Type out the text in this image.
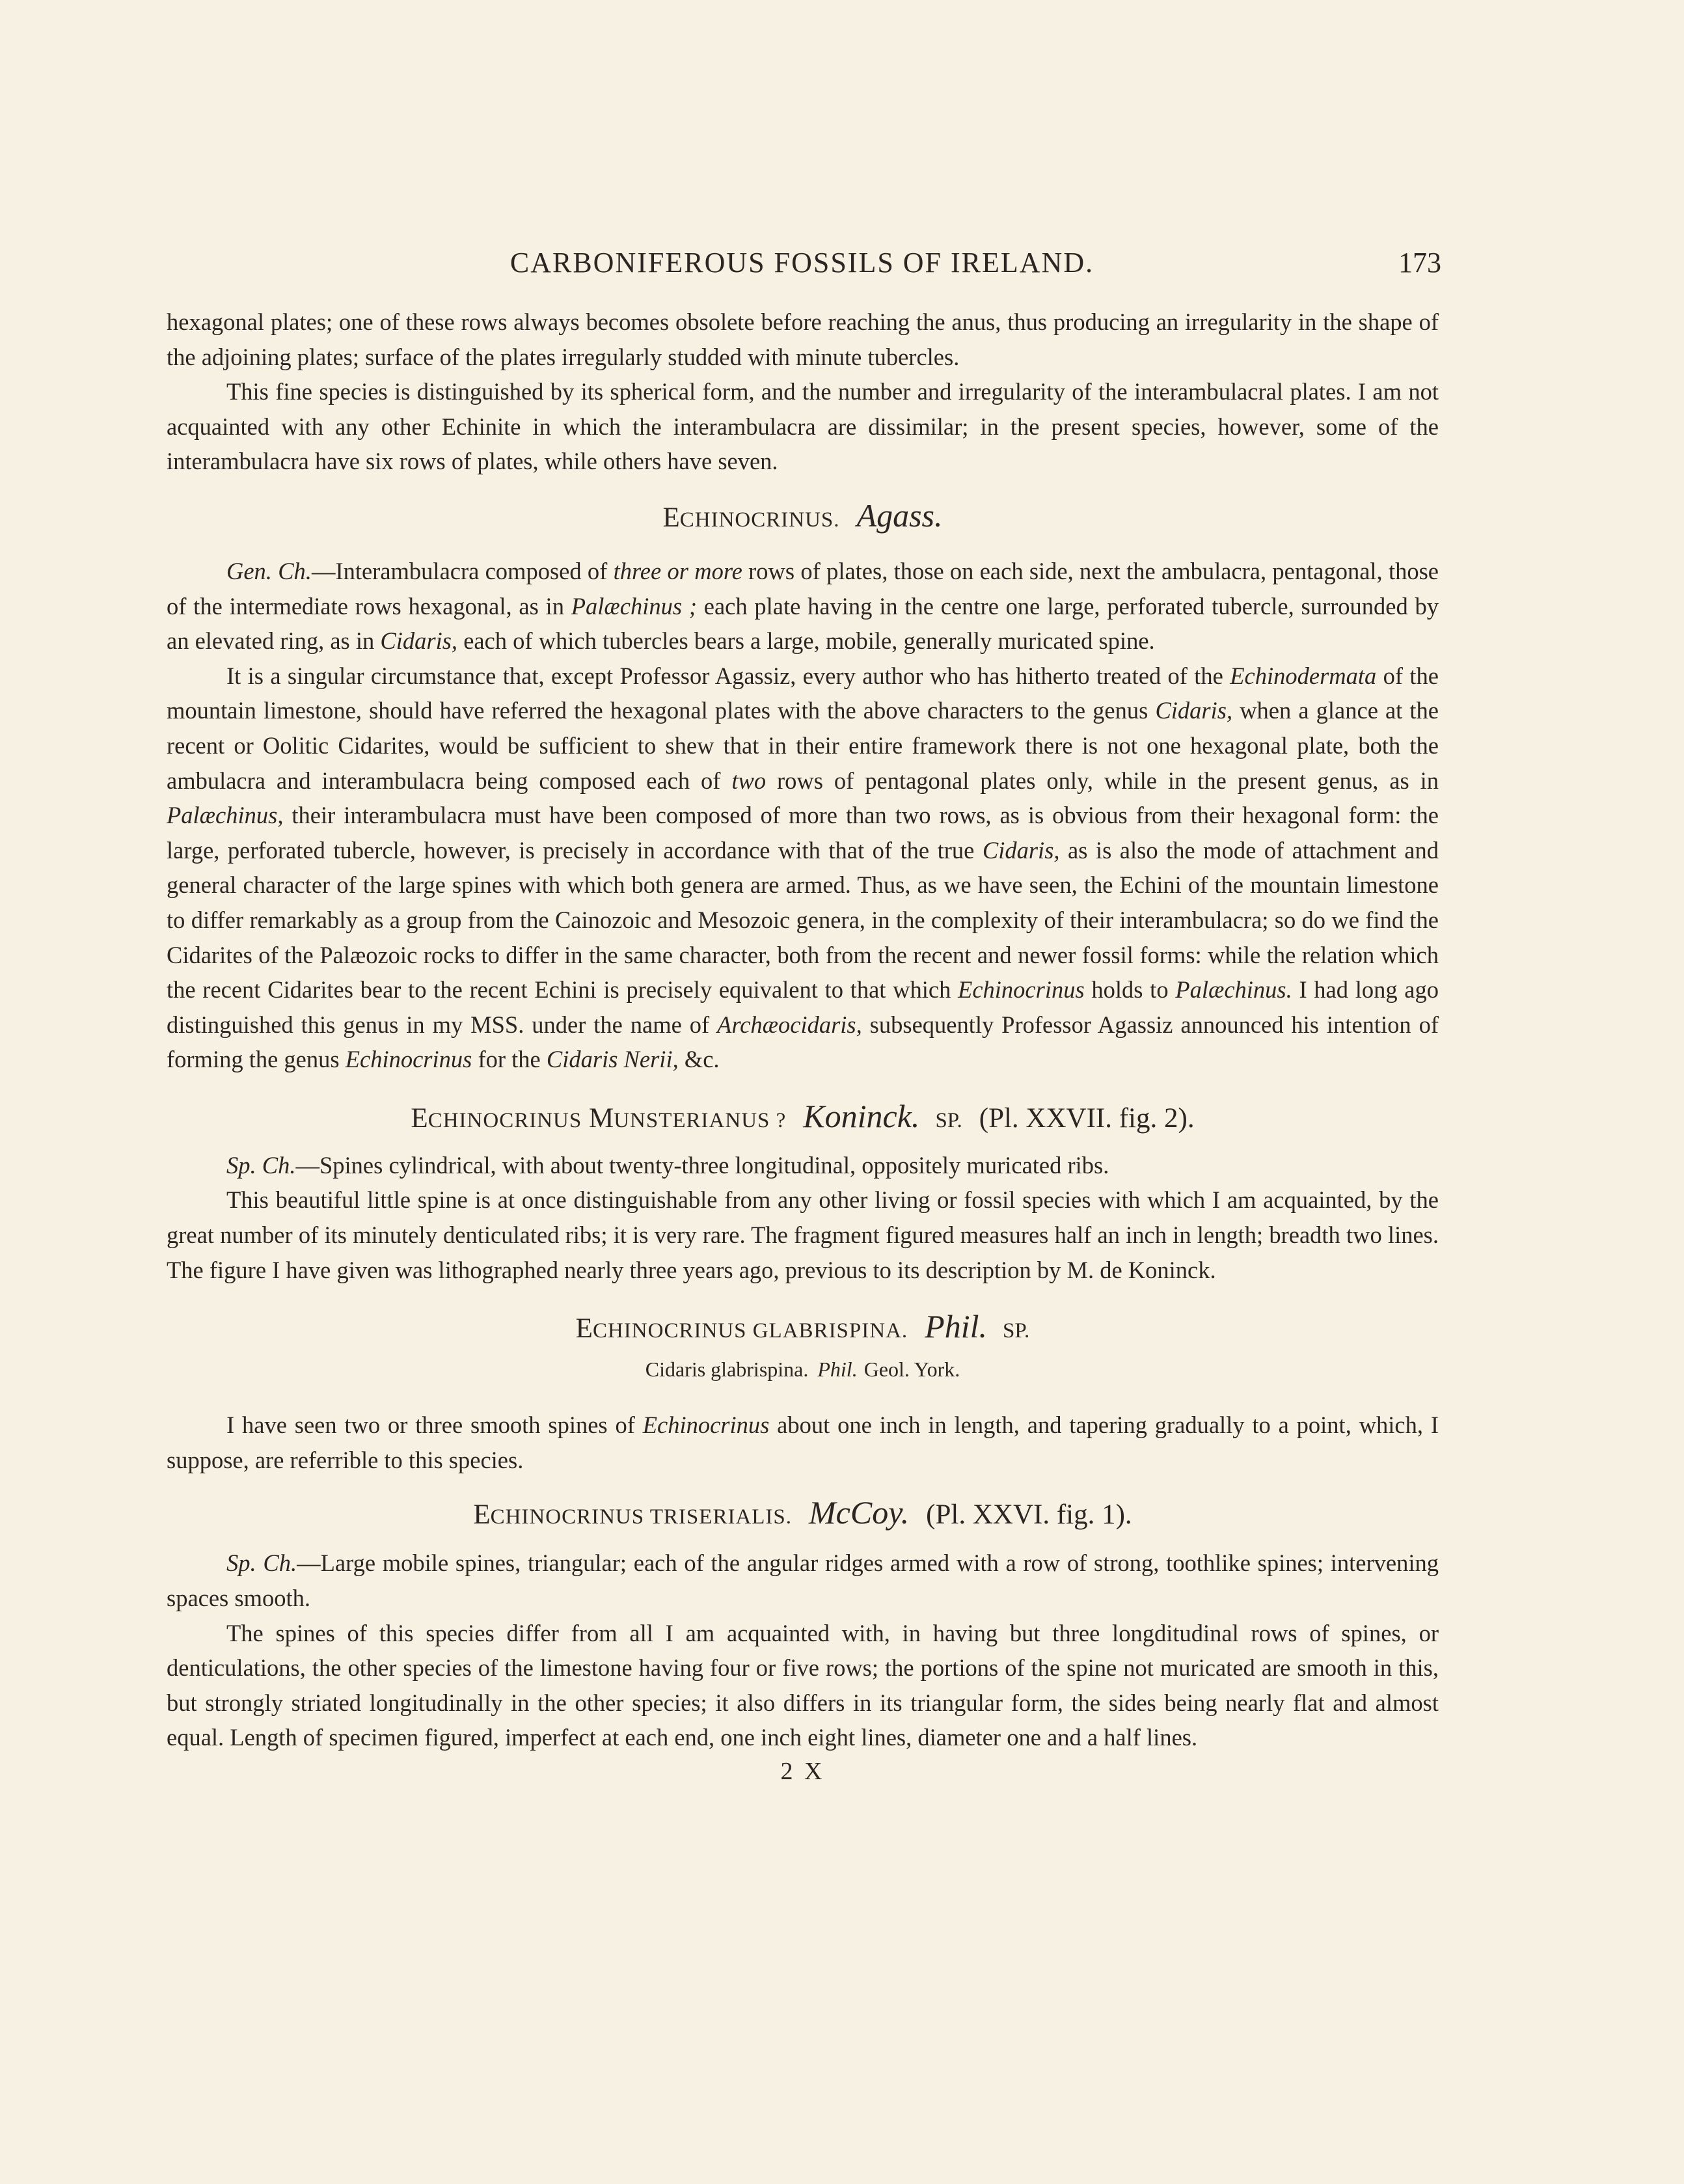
CARBONIFEROUS FOSSILS OF IRELAND.	173

hexagonal plates; one of these rows always becomes obsolete before reaching the anus, thus producing an irregularity in the shape of the adjoining plates; surface of the plates irregularly studded with minute tubercles.

This fine species is distinguished by its spherical form, and the number and irregularity of the interambulacral plates. I am not acquainted with any other Echinite in which the interambulacra are dissimilar; in the present species, however, some of the interambulacra have six rows of plates, while others have seven.

ECHINOCRINUS. Agass.

Gen. Ch.—Interambulacra composed of three or more rows of plates, those on each side, next the ambulacra, pentagonal, those of the intermediate rows hexagonal, as in Palæchinus ; each plate having in the centre one large, perforated tubercle, surrounded by an elevated ring, as in Cidaris, each of which tubercles bears a large, mobile, generally muricated spine.

It is a singular circumstance that, except Professor Agassiz, every author who has hitherto treated of the Echinodermata of the mountain limestone, should have referred the hexagonal plates with the above characters to the genus Cidaris, when a glance at the recent or Oolitic Cidarites, would be sufficient to shew that in their entire framework there is not one hexagonal plate, both the ambulacra and interambulacra being composed each of two rows of pentagonal plates only, while in the present genus, as in Palæchinus, their interambulacra must have been composed of more than two rows, as is obvious from their hexagonal form: the large, perforated tubercle, however, is precisely in accordance with that of the true Cidaris, as is also the mode of attachment and general character of the large spines with which both genera are armed. Thus, as we have seen, the Echini of the mountain limestone to differ remarkably as a group from the Cainozoic and Mesozoic genera, in the complexity of their interambulacra; so do we find the Cidarites of the Palæozoic rocks to differ in the same character, both from the recent and newer fossil forms: while the relation which the recent Cidarites bear to the recent Echini is precisely equivalent to that which Echinocrinus holds to Palæchinus. I had long ago distinguished this genus in my MSS. under the name of Archæocidaris, subsequently Professor Agassiz announced his intention of forming the genus Echinocrinus for the Cidaris Nerii, &c.

ECHINOCRINUS MUNSTERIANUS ? Koninck. SP. (Pl. XXVII. fig. 2).

Sp. Ch.—Spines cylindrical, with about twenty-three longitudinal, oppositely muricated ribs.

This beautiful little spine is at once distinguishable from any other living or fossil species with which I am acquainted, by the great number of its minutely denticulated ribs; it is very rare. The fragment figured measures half an inch in length; breadth two lines. The figure I have given was lithographed nearly three years ago, previous to its description by M. de Koninck.

ECHINOCRINUS GLABRISPINA. Phil. SP.
Cidaris glabrispina. Phil. Geol. York.

I have seen two or three smooth spines of Echinocrinus about one inch in length, and tapering gradually to a point, which, I suppose, are referrible to this species.

ECHINOCRINUS TRISERIALIS. McCoy. (Pl. XXVI. fig. 1).

Sp. Ch.—Large mobile spines, triangular; each of the angular ridges armed with a row of strong, toothlike spines; intervening spaces smooth.

The spines of this species differ from all I am acquainted with, in having but three longditudinal rows of spines, or denticulations, the other species of the limestone having four or five rows; the portions of the spine not muricated are smooth in this, but strongly striated longitudinally in the other species; it also differs in its triangular form, the sides being nearly flat and almost equal. Length of specimen figured, imperfect at each end, one inch eight lines, diameter one and a half lines.

2 X
